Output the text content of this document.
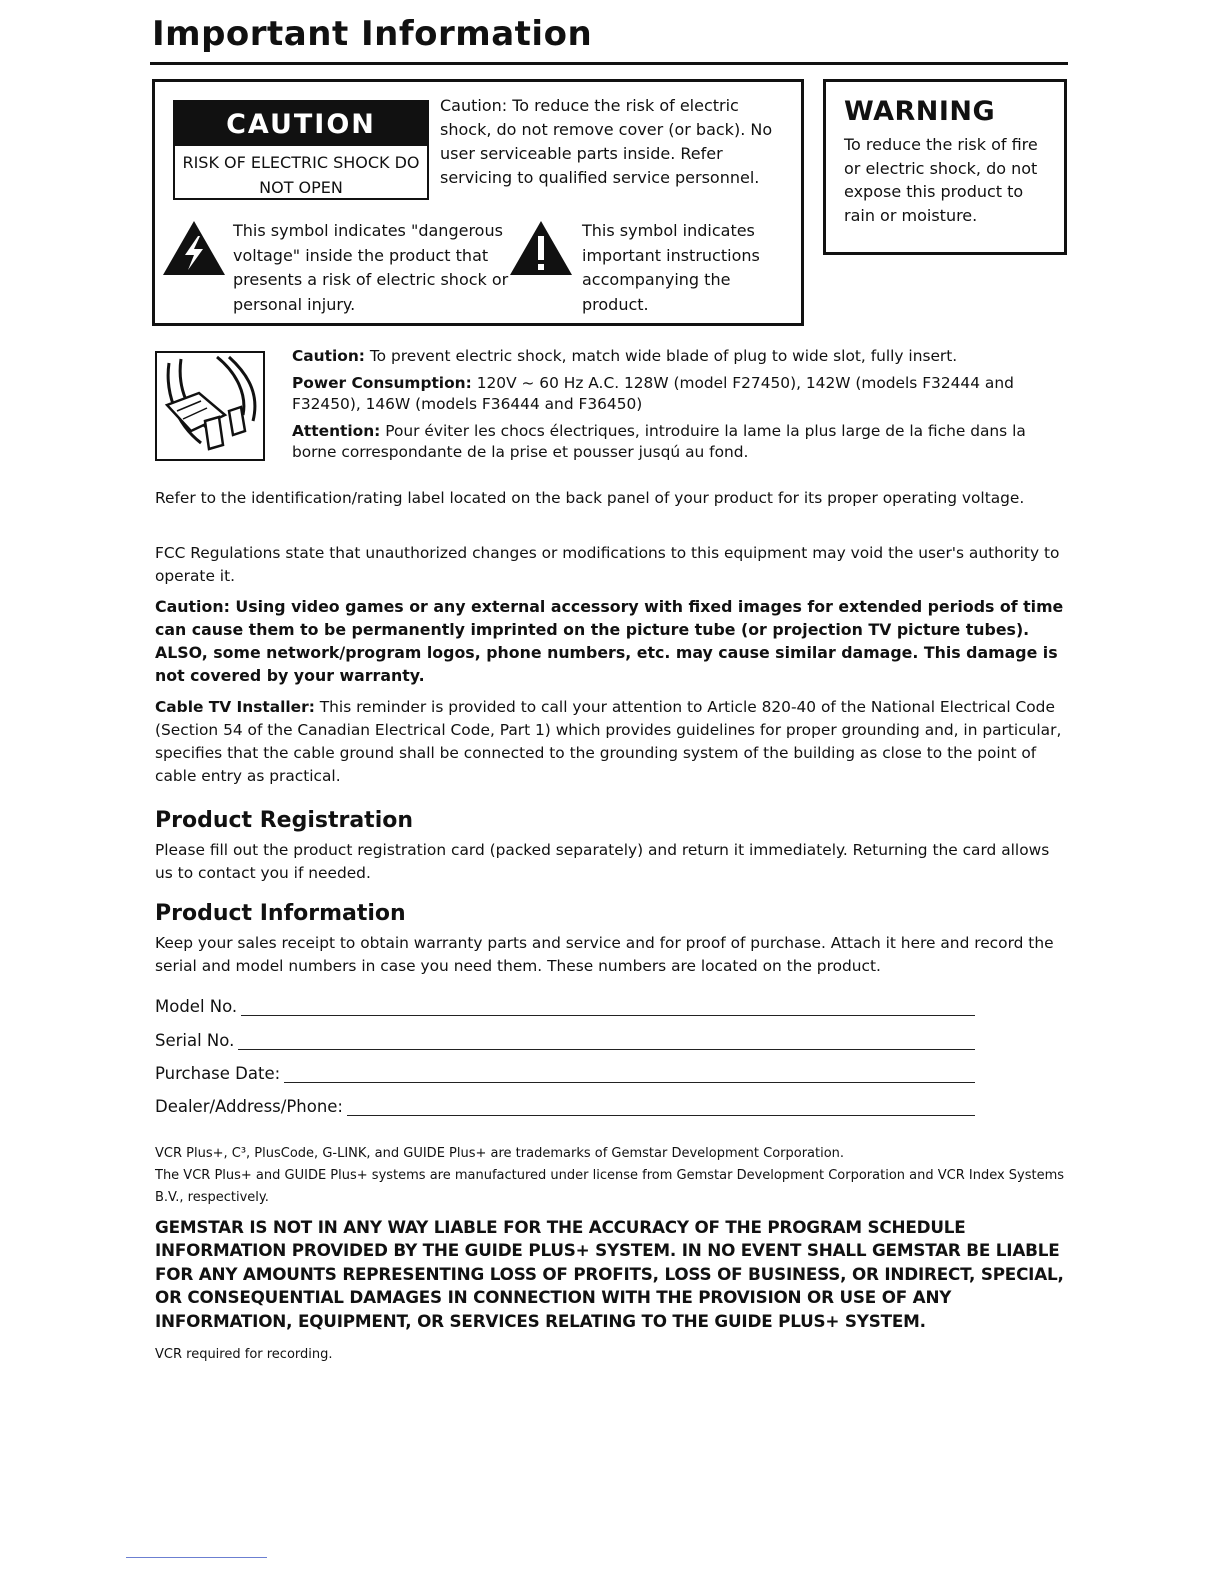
Important Information
CAUTION
RISK OF ELECTRIC SHOCK DO NOT OPEN
Caution: To reduce the risk of electric shock, do not remove cover (or back). No user serviceable parts inside. Refer servicing to qualified service personnel.
This symbol indicates "dangerous voltage" inside the product that presents a risk of electric shock or personal injury.
This symbol indicates important instructions accompanying the product.
WARNING
To reduce the risk of fire or electric shock, do not expose this product to rain or moisture.

Caution: To prevent electric shock, match wide blade of plug to wide slot, fully insert.

Power Consumption: 120V ~ 60 Hz A.C. 128W (model F27450), 142W (models F32444 and F32450), 146W (models F36444 and F36450)

Attention: Pour éviter les chocs électriques, introduire la lame la plus large de la fiche dans la borne correspondante de la prise et pousser jusqú au fond.

Refer to the identification/rating label located on the back panel of your product for its proper operating voltage.

FCC Regulations state that unauthorized changes or modifications to this equipment may void the user's authority to operate it.

Caution: Using video games or any external accessory with fixed images for extended periods of time can cause them to be permanently imprinted on the picture tube (or projection TV picture tubes). ALSO, some network/program logos, phone numbers, etc. may cause similar damage. This damage is not covered by your warranty.

Cable TV Installer: This reminder is provided to call your attention to Article 820-40 of the National Electrical Code (Section 54 of the Canadian Electrical Code, Part 1) which provides guidelines for proper grounding and, in particular, specifies that the cable ground shall be connected to the grounding system of the building as close to the point of cable entry as practical.

Product Registration

Please fill out the product registration card (packed separately) and return it immediately. Returning the card allows us to contact you if needed.

Product Information

Keep your sales receipt to obtain warranty parts and service and for proof of purchase. Attach it here and record the serial and model numbers in case you need them. These numbers are located on the product.

Model No.
Serial No.
Purchase Date:
Dealer/Address/Phone:
VCR Plus+, C³, PlusCode, G-LINK, and GUIDE Plus+ are trademarks of Gemstar Development Corporation.
The VCR Plus+ and GUIDE Plus+ systems are manufactured under license from Gemstar Development Corporation and VCR Index Systems B.V., respectively.
GEMSTAR IS NOT IN ANY WAY LIABLE FOR THE ACCURACY OF THE PROGRAM SCHEDULE INFORMATION PROVIDED BY THE GUIDE PLUS+ SYSTEM. IN NO EVENT SHALL GEMSTAR BE LIABLE FOR ANY AMOUNTS REPRESENTING LOSS OF PROFITS, LOSS OF BUSINESS, OR INDIRECT, SPECIAL, OR CONSEQUENTIAL DAMAGES IN CONNECTION WITH THE PROVISION OR USE OF ANY INFORMATION, EQUIPMENT, OR SERVICES RELATING TO THE GUIDE PLUS+ SYSTEM.
VCR required for recording.
